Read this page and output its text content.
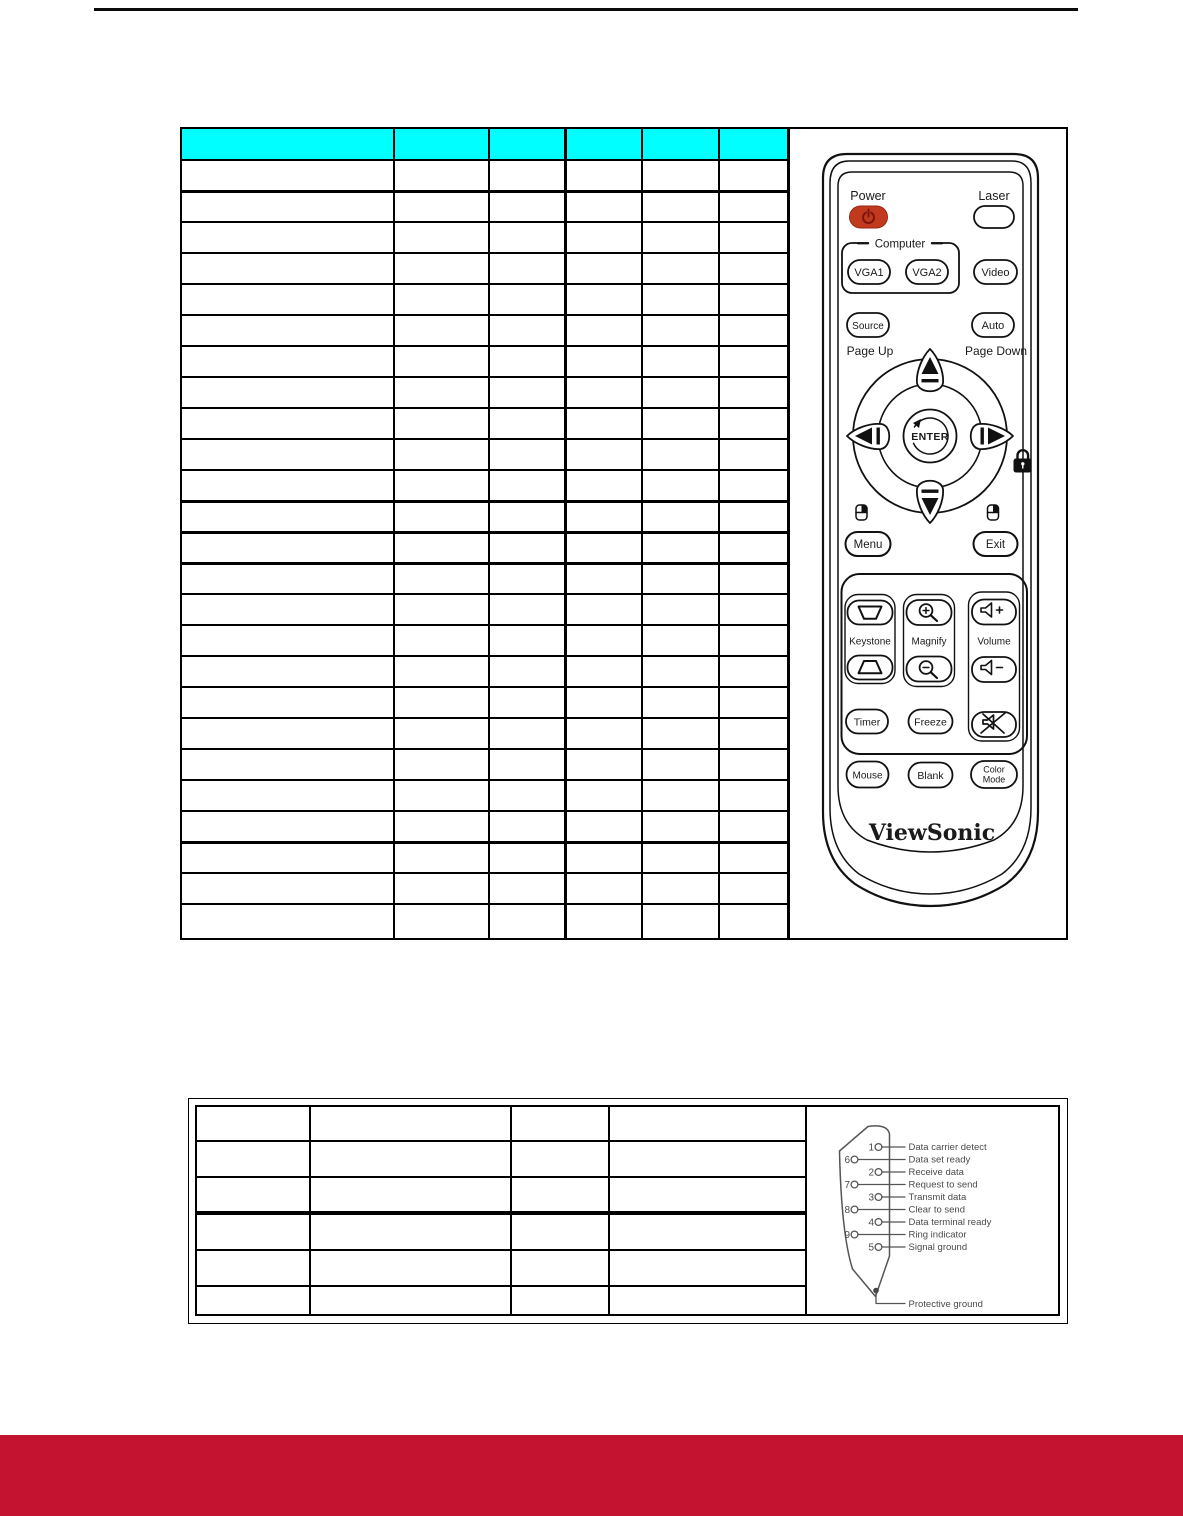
Power	Laser
Computer
VGA1	VGA2	Video
Source
Page Up
Auto
Page Down
ENTER
Menu	Exit
Keystone Magnify	Volume
Timer	Freeze
Mouse	Blank
Color
Mode
ViewSonic
1
6
2
7
3
8
4
9
5
Data carrier detect
Data set ready
Receive data
Request to send
Transmit data
Clear to send
Data terminal ready
Ring indicator
Signal ground
Protective ground
